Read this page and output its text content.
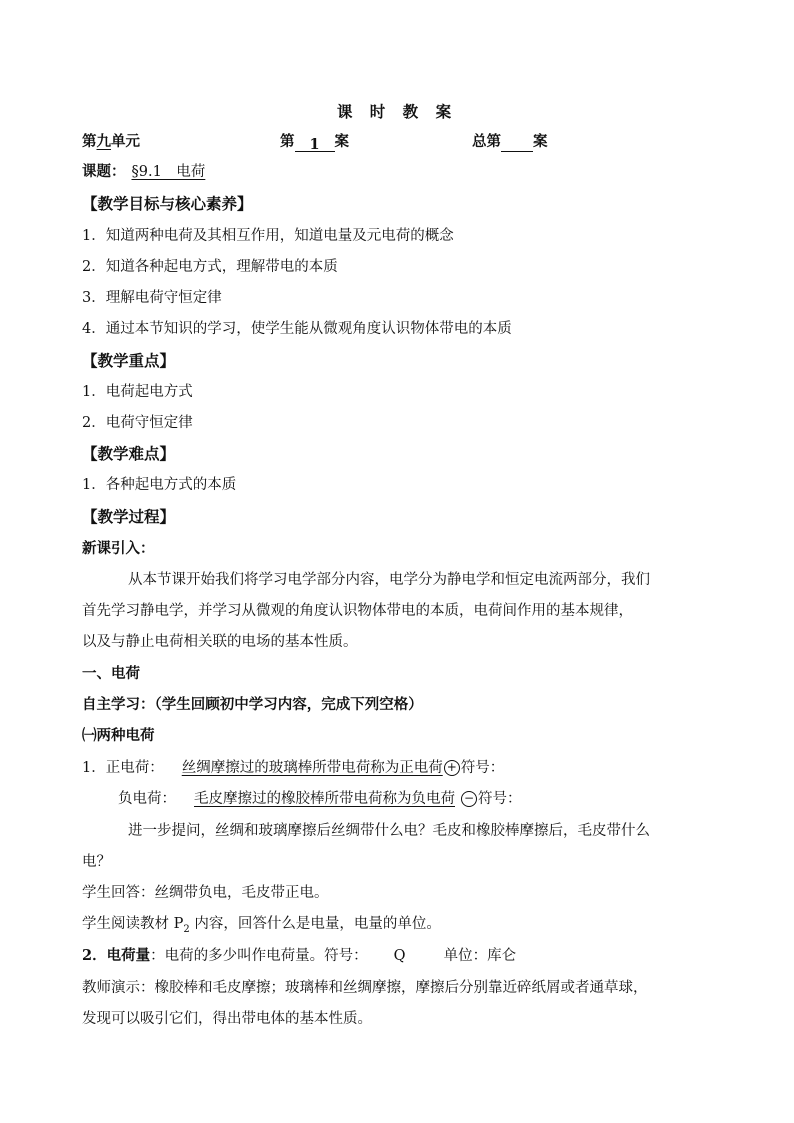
课 时 教 案
第九单元	第 1 案	总第 案
课题： §9.1　电荷
【教学目标与核心素养】
1．知道两种电荷及其相互作用，知道电量及元电荷的概念
2．知道各种起电方式，理解带电的本质
3．理解电荷守恒定律
4．通过本节知识的学习，使学生能从微观角度认识物体带电的本质
【教学重点】
1．电荷起电方式
2．电荷守恒定律
【教学难点】
1．各种起电方式的本质
【教学过程】
新课引入：
从本节课开始我们将学习电学部分内容，电学分为静电学和恒定电流两部分，我们
首先学习静电学，并学习从微观的角度认识物体带电的本质，电荷间作用的基本规律，
以及与静止电荷相关联的电场的基本性质。
一、电荷
自主学习：（学生回顾初中学习内容，完成下列空格）
㈠两种电荷
1．正电荷： 丝绸摩擦过的玻璃棒所带电荷称为正电荷 + 符号：
负电荷： 毛皮摩擦过的橡胶棒所带电荷称为负电荷 − 符号：
进一步提问，丝绸和玻璃摩擦后丝绸带什么电？毛皮和橡胶棒摩擦后，毛皮带什么
电？
学生回答：丝绸带负电，毛皮带正电。
学生阅读教材 $P_2$ 内容，回答什么是电量，电量的单位。
2．电荷量：电荷的多少叫作电荷量。符号： Q	单位：库仑
教师演示：橡胶棒和毛皮摩擦；玻璃棒和丝绸摩擦，摩擦后分别靠近碎纸屑或者通草球，
发现可以吸引它们，得出带电体的基本性质。
